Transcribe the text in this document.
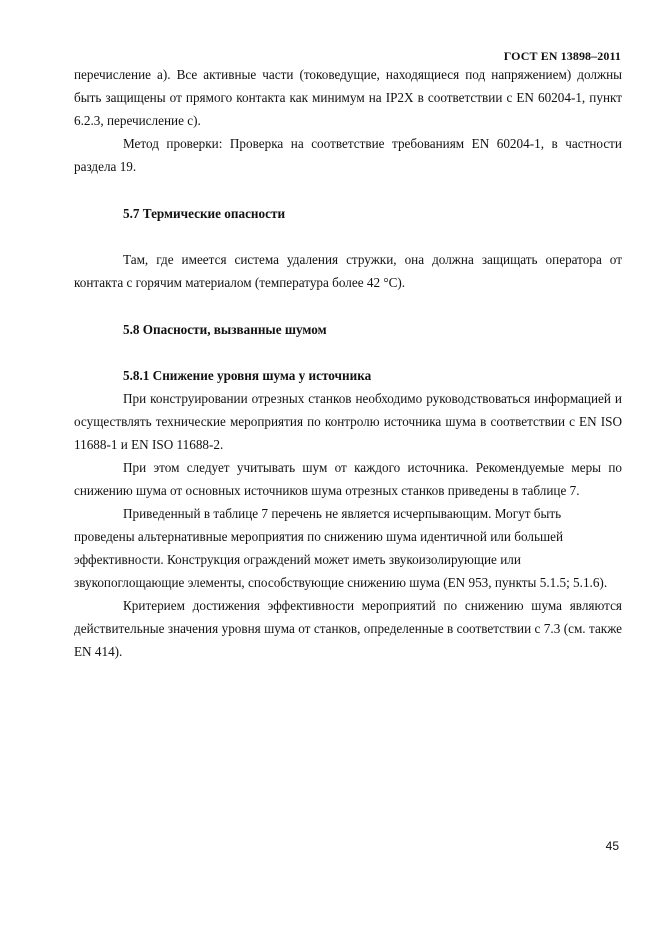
ГОСТ EN 13898–2011

перечисление а). Все активные части (токоведущие, находящиеся под напряжением) должны быть защищены от прямого контакта как минимум на IP2X в соответствии с EN 60204-1, пункт 6.2.3, перечисление с).

Метод проверки: Проверка на соответствие требованиям EN 60204-1, в частности раздела 19.

5.7 Термические опасности

Там, где имеется система удаления стружки, она должна защищать оператора от контакта с горячим материалом (температура более 42 °C).

5.8 Опасности, вызванные шумом

5.8.1 Снижение уровня шума у источника

При конструировании отрезных станков необходимо руководствоваться информацией и осуществлять технические мероприятия по контролю источника шума в соответствии с EN ISO 11688-1 и EN ISO 11688-2.

При этом следует учитывать шум от каждого источника. Рекомендуемые меры по снижению шума от основных источников шума отрезных станков приведены в таблице 7.

Приведенный в таблице 7 перечень не является исчерпывающим. Могут быть проведены альтернативные мероприятия по снижению шума идентичной или большей эффективности. Конструкция ограждений может иметь звукоизолирующие или звукопоглощающие элементы, способствующие снижению шума (EN 953, пункты 5.1.5; 5.1.6).

Критерием достижения эффективности мероприятий по снижению шума являются действительные значения уровня шума от станков, определенные в соответствии с 7.3 (см. также EN 414).

45
